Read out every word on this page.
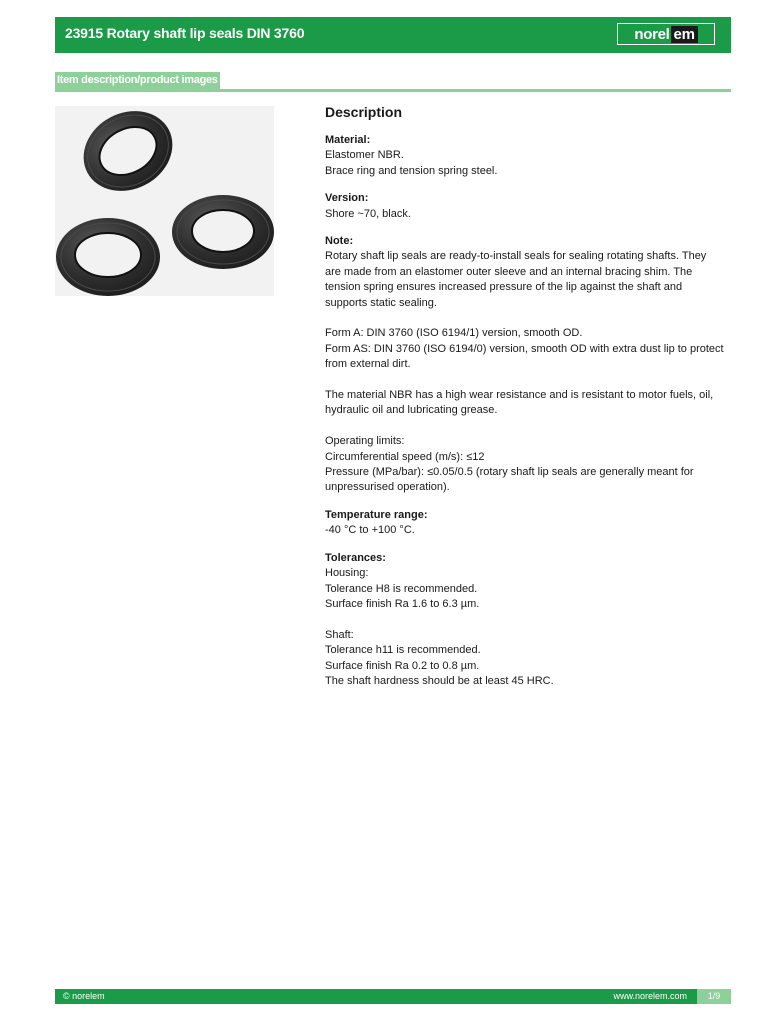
23915 Rotary shaft lip seals DIN 3760	norel em
Item description/product images
Description

Material:

Elastomer NBR.

Brace ring and tension spring steel.

Version:

Shore ~70, black.

Note:

Rotary shaft lip seals are ready-to-install seals for sealing rotating shafts. They are made from an elastomer outer sleeve and an internal bracing shim. The tension spring ensures increased pressure of the lip against the shaft and supports static sealing.

Form A: DIN 3760 (ISO 6194/1) version, smooth OD.

Form AS: DIN 3760 (ISO 6194/0) version, smooth OD with extra dust lip to protect from external dirt.

The material NBR has a high wear resistance and is resistant to motor fuels, oil, hydraulic oil and lubricating grease.

Operating limits:

Circumferential speed (m/s): ≤12

Pressure (MPa/bar): ≤0.05/0.5 (rotary shaft lip seals are generally meant for unpressurised operation).

Temperature range:

-40 °C to +100 °C.

Tolerances:

Housing:

Tolerance H8 is recommended.

Surface finish Ra 1.6 to 6.3 µm.

Shaft:

Tolerance h11 is recommended.

Surface finish Ra 0.2 to 0.8 µm.

The shaft hardness should be at least 45 HRC.

© norelem	www.norelem.com	1/9
